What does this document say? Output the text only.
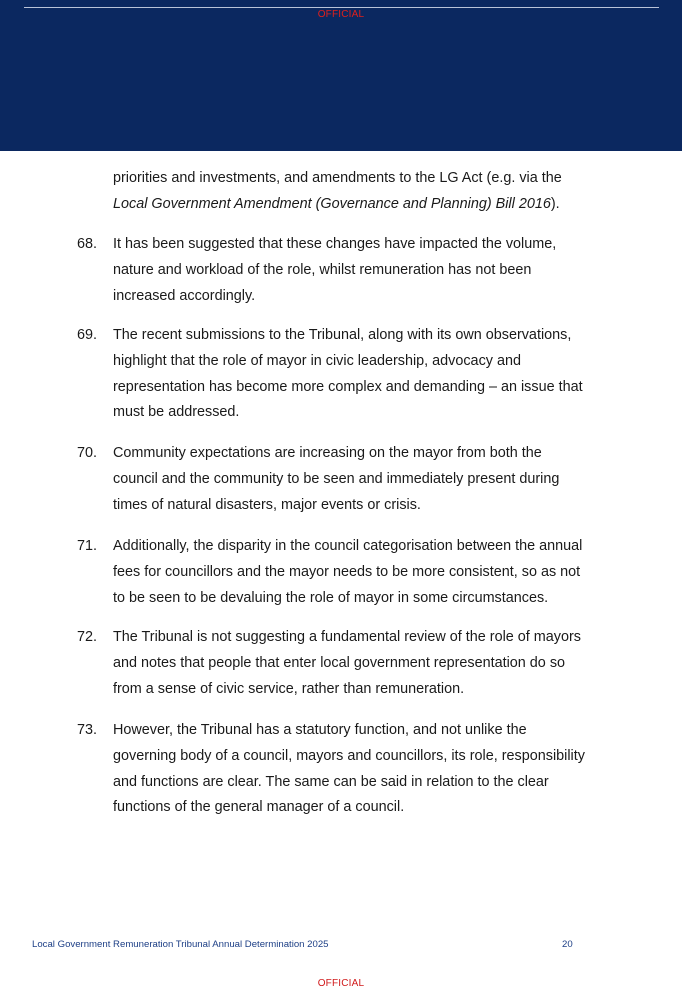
OFFICIAL
priorities and investments, and amendments to the LG Act (e.g. via the
Local Government Amendment (Governance and Planning) Bill 2016).
68.	It has been suggested that these changes have impacted the volume,
nature and workload of the role, whilst remuneration has not been
increased accordingly.
69.	The recent submissions to the Tribunal, along with its own observations,
highlight that the role of mayor in civic leadership, advocacy and
representation has become more complex and demanding – an issue that
must be addressed.
70.	Community expectations are increasing on the mayor from both the
council and the community to be seen and immediately present during
times of natural disasters, major events or crisis.
71.	Additionally, the disparity in the council categorisation between the annual
fees for councillors and the mayor needs to be more consistent, so as not
to be seen to be devaluing the role of mayor in some circumstances.
72.	The Tribunal is not suggesting a fundamental review of the role of mayors
and notes that people that enter local government representation do so
from a sense of civic service, rather than remuneration.
73.	However, the Tribunal has a statutory function, and not unlike the
governing body of a council, mayors and councillors, its role, responsibility
and functions are clear. The same can be said in relation to the clear
functions of the general manager of a council.
Local Government Remuneration Tribunal Annual Determination 2025	20
OFFICIAL
